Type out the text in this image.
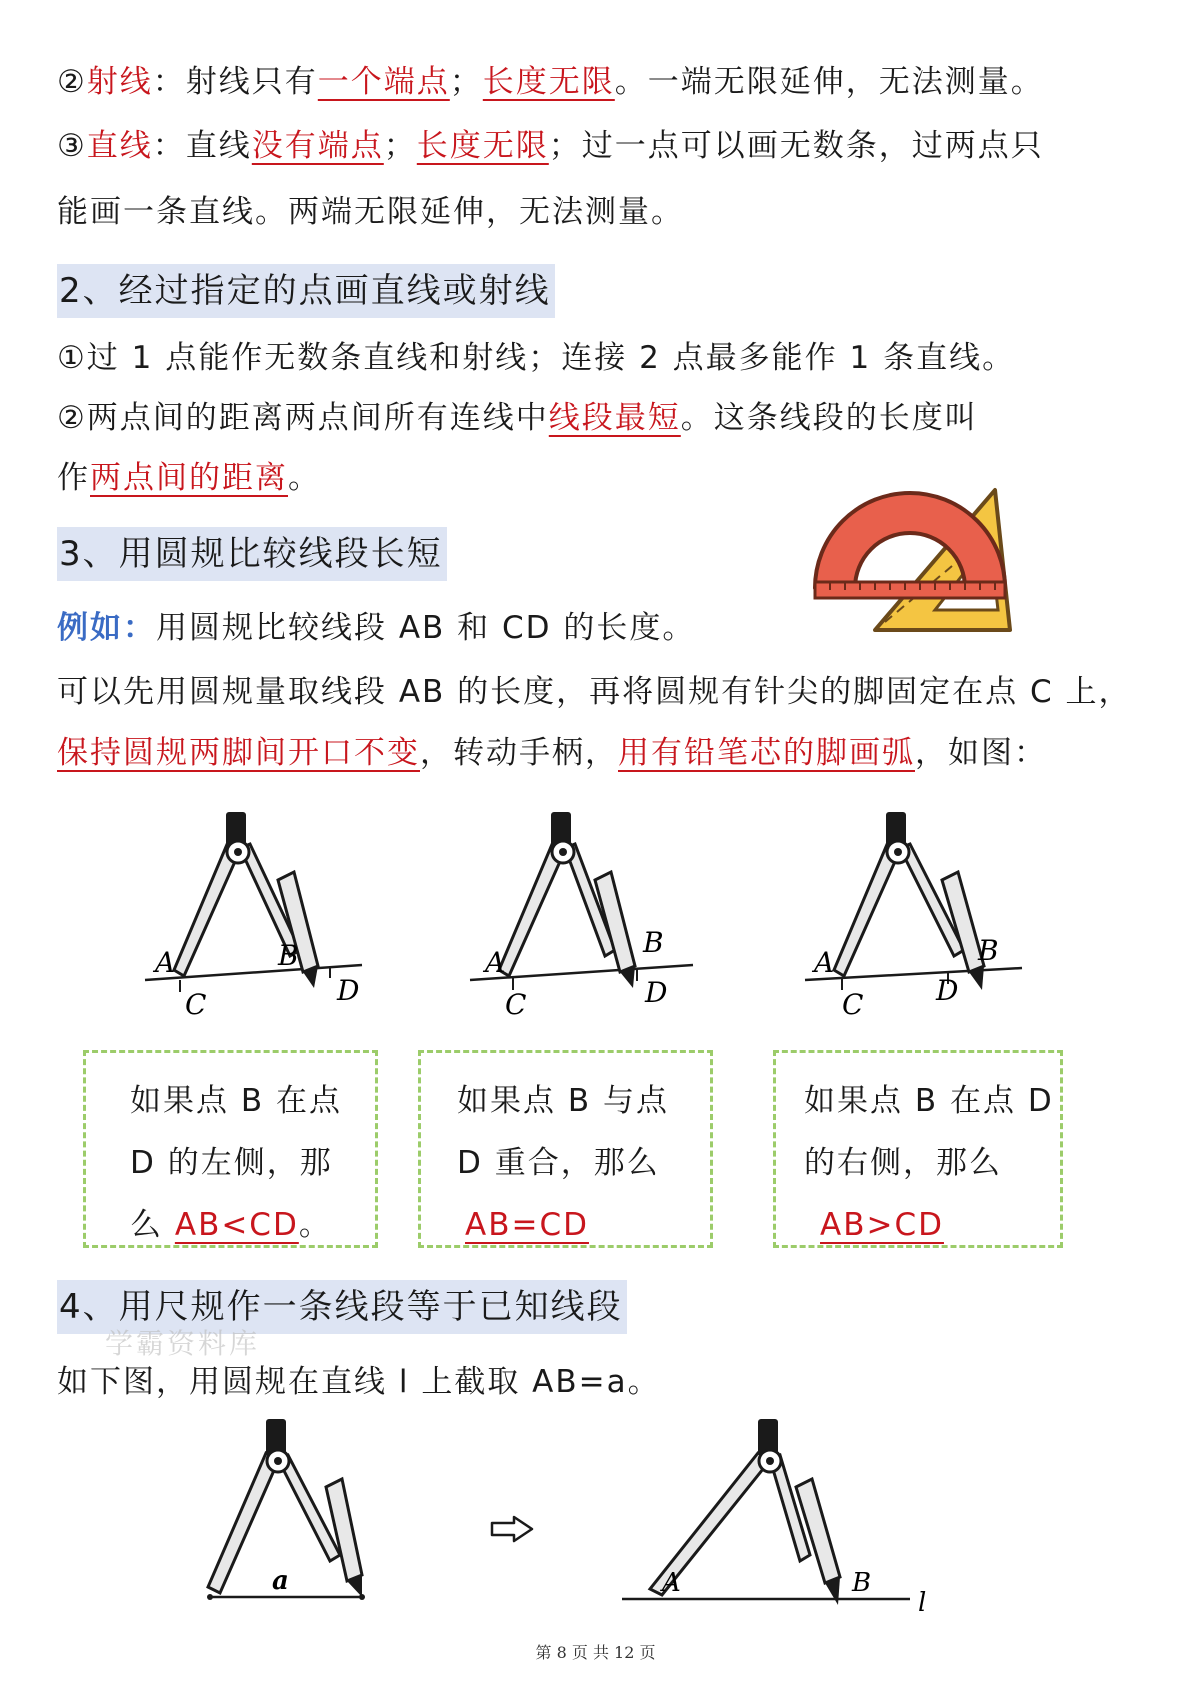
②射线：射线只有一个端点；长度无限。一端无限延伸，无法测量。
③直线：直线没有端点；长度无限；过一点可以画无数条，过两点只
能画一条直线。两端无限延伸，无法测量。
2、经过指定的点画直线或射线
①过 1 点能作无数条直线和射线；连接 2 点最多能作 1 条直线。
②两点间的距离两点间所有连线中线段最短。这条线段的长度叫
作两点间的距离。
3、用圆规比较线段长短
例如：用圆规比较线段 AB 和 CD 的长度。
可以先用圆规量取线段 AB 的长度，再将圆规有针尖的脚固定在点 C 上，
保持圆规两脚间开口不变，转动手柄，用有铅笔芯的脚画弧，如图：
A	B
C	D
A
B
C	D
A	B
C	D
如果点 B 在点
D 的左侧，那
么 AB<CD。
如果点 B 与点
D 重合，那么
AB=CD
如果点 B 在点 D
的右侧，那么
AB>CD
4、用尺规作一条线段等于已知线段
学霸资料库
如下图，用圆规在直线 l 上截取 AB=a。
a	A	B
l
第 8 页 共 12 页
